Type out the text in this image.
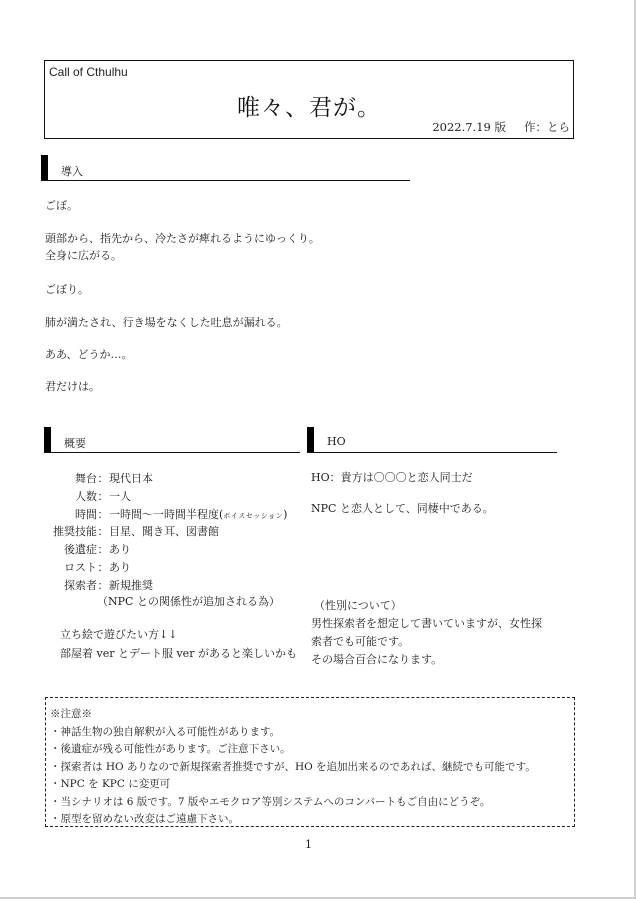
Call of Cthulhu
唯々、君が。
2022.7.19 版 作：とら
導入
ごぼ。
頭部から、指先から、冷たさが痺れるようにゆっくり。
全身に広がる。
ごぼり。
肺が満たされ、行き場をなくした吐息が漏れる。
ああ、どうか…。
君だけは。
概要
舞台：現代日本
人数：一人
時間：一時間〜一時間半程度(ボイスセッション)
推奨技能：目星、聞き耳、図書館
後遺症：あり
ロスト：あり
探索者：新規推奨
（NPC との関係性が追加される為）
立ち絵で遊びたい方↓↓
部屋着 ver とデート服 ver があると楽しいかも
HO
HO：貴方は〇〇〇と恋人同士だ
NPC と恋人として、同棲中である。
（性別について）
男性探索者を想定して書いていますが、女性探
索者でも可能です。
その場合百合になります。
※注意※
・神話生物の独自解釈が入る可能性があります。
・後遺症が残る可能性があります。ご注意下さい。
・探索者は HO ありなので新規探索者推奨ですが、HO を追加出来るのであれば、継続でも可能です。
・NPC を KPC に変更可
・当シナリオは 6 版です。7 版やエモクロア等別システムへのコンバートもご自由にどうぞ。
・原型を留めない改変はご遠慮下さい。
1
